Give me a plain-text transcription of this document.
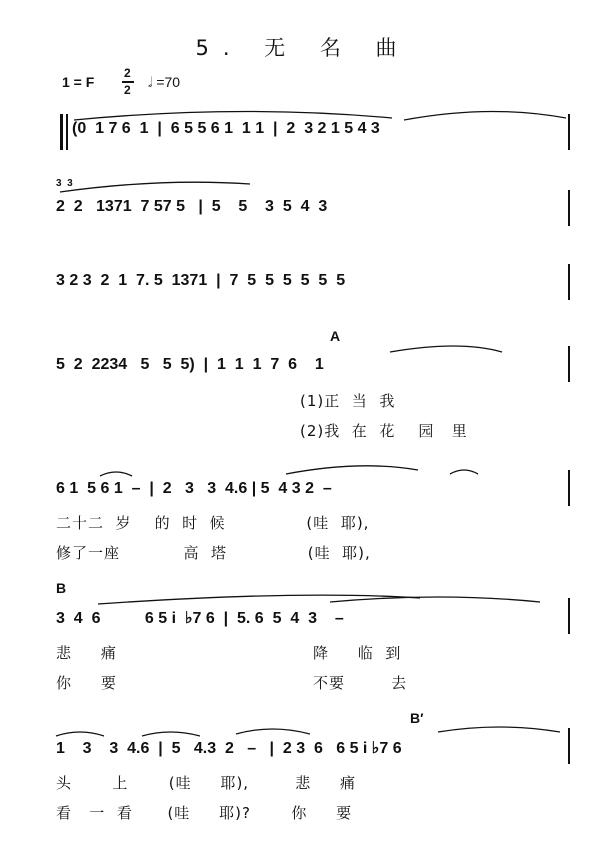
5. 无 名 曲
1 = F
2
2 𝅗𝅥 =70
(0  1 7 6  1  |  6 5 5 6 1  1 1  |  2  3 2 1 5 4 3
3  3
2  2   1371  7 57 5   |  5    5    3  5  4  3
3 2 3  2  1  7. 5  1371  |  7  5  5  5  5  5  5
A
5  2  2234   5   5  5)  |  1  1  1  7  6    1
(1)正  当  我
(2)我  在  花    园   里
6 1  5 6 1  –  |  2   3   3  4.6 | 5  4 3 2  –
二十二  岁    的  时  候              (哇  耶),
修了一座           高  塔              (哇  耶),
B
3  4  6          6 5 i  ♭7 6  |  5. 6  5  4  3    –
悲     痛                                  降     临  到
你     要                                  不要        去
B′
1    3    3  4.6  |  5   4.3  2   –   |  2 3  6   6 5 i ♭7 6
头       上       (哇     耶),        悲     痛
看   一  看      (哇     耶)?       你     要
